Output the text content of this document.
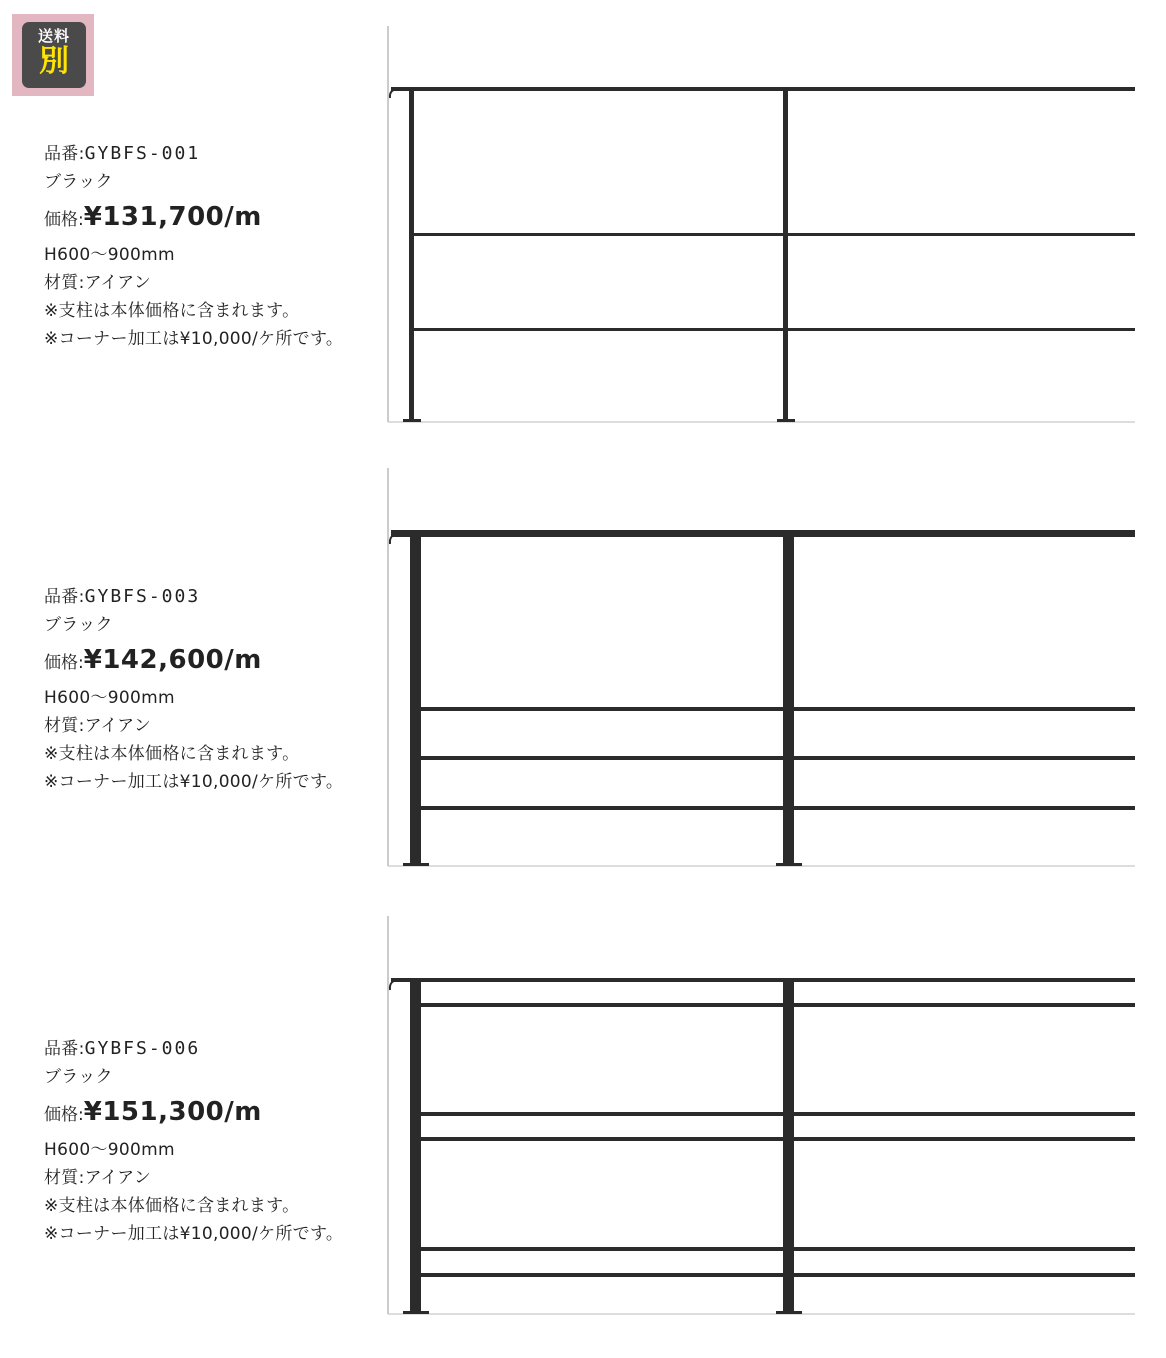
送料
別
品番:GYBFS-001
ブラック
価格:¥131,700/m
H600〜900mm
材質:アイアン
※支柱は本体価格に含まれます。
※コーナー加工は¥10,000/ケ所です。
品番:GYBFS-003
ブラック
価格:¥142,600/m
H600〜900mm
材質:アイアン
※支柱は本体価格に含まれます。
※コーナー加工は¥10,000/ケ所です。
品番:GYBFS-006
ブラック
価格:¥151,300/m
H600〜900mm
材質:アイアン
※支柱は本体価格に含まれます。
※コーナー加工は¥10,000/ケ所です。
